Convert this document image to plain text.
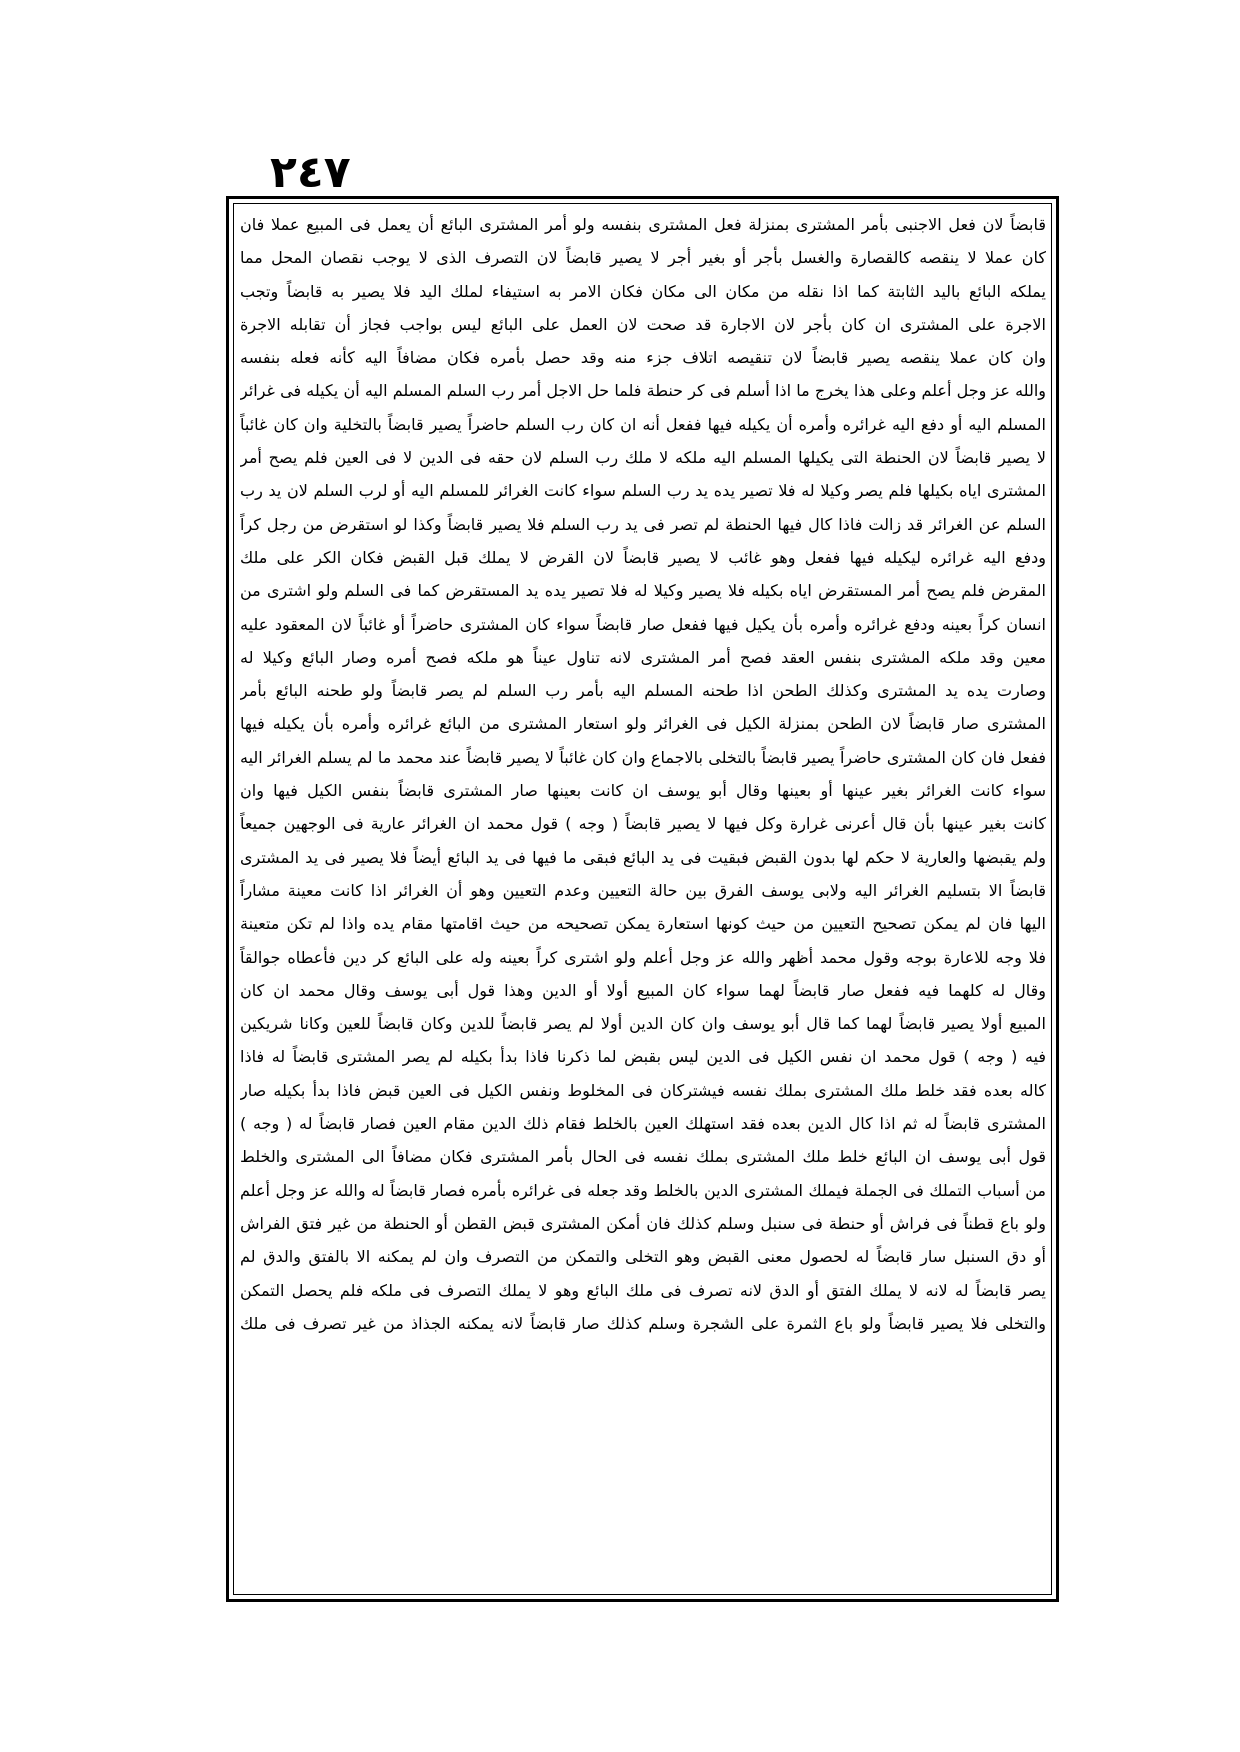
٢٤٧
قابضاً لان فعل الاجنبى بأمر المشترى بمنزلة فعل المشترى بنفسه ولو أمر المشترى البائع أن يعمل فى المبيع عملا فان
كان عملا لا ينقصه كالقصارة والغسل بأجر أو بغير أجر لا يصير قابضاً لان التصرف الذى لا يوجب نقصان المحل مما
يملكه البائع باليد الثابتة كما اذا نقله من مكان الى مكان فكان الامر به استيفاء لملك اليد فلا يصير به قابضاً وتجب
الاجرة على المشترى ان كان بأجر لان الاجارة قد صحت لان العمل على البائع ليس بواجب فجاز أن تقابله الاجرة
وان كان عملا ينقصه يصير قابضاً لان تنقيصه اتلاف جزء منه وقد حصل بأمره فكان مضافاً اليه كأنه فعله بنفسه
والله عز وجل أعلم وعلى هذا يخرج ما اذا أسلم فى كر حنطة فلما حل الاجل أمر رب السلم المسلم اليه أن يكيله فى غرائر
المسلم اليه أو دفع اليه غرائره وأمره أن يكيله فيها ففعل أنه ان كان رب السلم حاضراً يصير قابضاً بالتخلية وان كان غائباً
لا يصير قابضاً لان الحنطة التى يكيلها المسلم اليه ملكه لا ملك رب السلم لان حقه فى الدين لا فى العين فلم يصح أمر
المشترى اياه بكيلها فلم يصر وكيلا له فلا تصير يده يد رب السلم سواء كانت الغرائر للمسلم اليه أو لرب السلم لان يد رب
السلم عن الغرائر قد زالت فاذا كال فيها الحنطة لم تصر فى يد رب السلم فلا يصير قابضاً وكذا لو استقرض من رجل كراً
ودفع اليه غرائره ليكيله فيها ففعل وهو غائب لا يصير قابضاً لان القرض لا يملك قبل القبض فكان الكر على ملك
المقرض فلم يصح أمر المستقرض اياه بكيله فلا يصير وكيلا له فلا تصير يده يد المستقرض كما فى السلم ولو اشترى من
انسان كراً بعينه ودفع غرائره وأمره بأن يكيل فيها ففعل صار قابضاً سواء كان المشترى حاضراً أو غائباً لان المعقود عليه
معين وقد ملكه المشترى بنفس العقد فصح أمر المشترى لانه تناول عيناً هو ملكه فصح أمره وصار البائع وكيلا له
وصارت يده يد المشترى وكذلك الطحن اذا طحنه المسلم اليه بأمر رب السلم لم يصر قابضاً ولو طحنه البائع بأمر
المشترى صار قابضاً لان الطحن بمنزلة الكيل فى الغرائر ولو استعار المشترى من البائع غرائره وأمره بأن يكيله فيها
ففعل فان كان المشترى حاضراً يصير قابضاً بالتخلى بالاجماع وان كان غائباً لا يصير قابضاً عند محمد ما لم يسلم الغرائر اليه
سواء كانت الغرائر بغير عينها أو بعينها وقال أبو يوسف ان كانت بعينها صار المشترى قابضاً بنفس الكيل فيها وان
كانت بغير عينها بأن قال أعرنى غرارة وكل فيها لا يصير قابضاً ( وجه ) قول محمد ان الغرائر عارية فى الوجهين جميعاً
ولم يقبضها والعارية لا حكم لها بدون القبض فبقيت فى يد البائع فبقى ما فيها فى يد البائع أيضاً فلا يصير فى يد المشترى
قابضاً الا بتسليم الغرائر اليه ولابى يوسف الفرق بين حالة التعيين وعدم التعيين وهو أن الغرائر اذا كانت معينة مشاراً
اليها فان لم يمكن تصحيح التعيين من حيث كونها استعارة يمكن تصحيحه من حيث اقامتها مقام يده واذا لم تكن متعينة
فلا وجه للاعارة بوجه وقول محمد أظهر والله عز وجل أعلم ولو اشترى كراً بعينه وله على البائع كر دين فأعطاه جوالقاً
وقال له كلهما فيه ففعل صار قابضاً لهما سواء كان المبيع أولا أو الدين وهذا قول أبى يوسف وقال محمد ان كان
المبيع أولا يصير قابضاً لهما كما قال أبو يوسف وان كان الدين أولا لم يصر قابضاً للدين وكان قابضاً للعين وكانا شريكين
فيه ( وجه ) قول محمد ان نفس الكيل فى الدين ليس بقبض لما ذكرنا فاذا بدأ بكيله لم يصر المشترى قابضاً له فاذا
كاله بعده فقد خلط ملك المشترى بملك نفسه فيشتركان فى المخلوط ونفس الكيل فى العين قبض فاذا بدأ بكيله صار
المشترى قابضاً له ثم اذا كال الدين بعده فقد استهلك العين بالخلط فقام ذلك الدين مقام العين فصار قابضاً له ( وجه )
قول أبى يوسف ان البائع خلط ملك المشترى بملك نفسه فى الحال بأمر المشترى فكان مضافاً الى المشترى والخلط
من أسباب التملك فى الجملة فيملك المشترى الدين بالخلط وقد جعله فى غرائره بأمره فصار قابضاً له والله عز وجل أعلم
ولو باع قطناً فى فراش أو حنطة فى سنبل وسلم كذلك فان أمكن المشترى قبض القطن أو الحنطة من غير فتق الفراش
أو دق السنبل سار قابضاً له لحصول معنى القبض وهو التخلى والتمكن من التصرف وان لم يمكنه الا بالفتق والدق لم
يصر قابضاً له لانه لا يملك الفتق أو الدق لانه تصرف فى ملك البائع وهو لا يملك التصرف فى ملكه فلم يحصل التمكن
والتخلى فلا يصير قابضاً ولو باع الثمرة على الشجرة وسلم كذلك صار قابضاً لانه يمكنه الجذاذ من غير تصرف فى ملك
